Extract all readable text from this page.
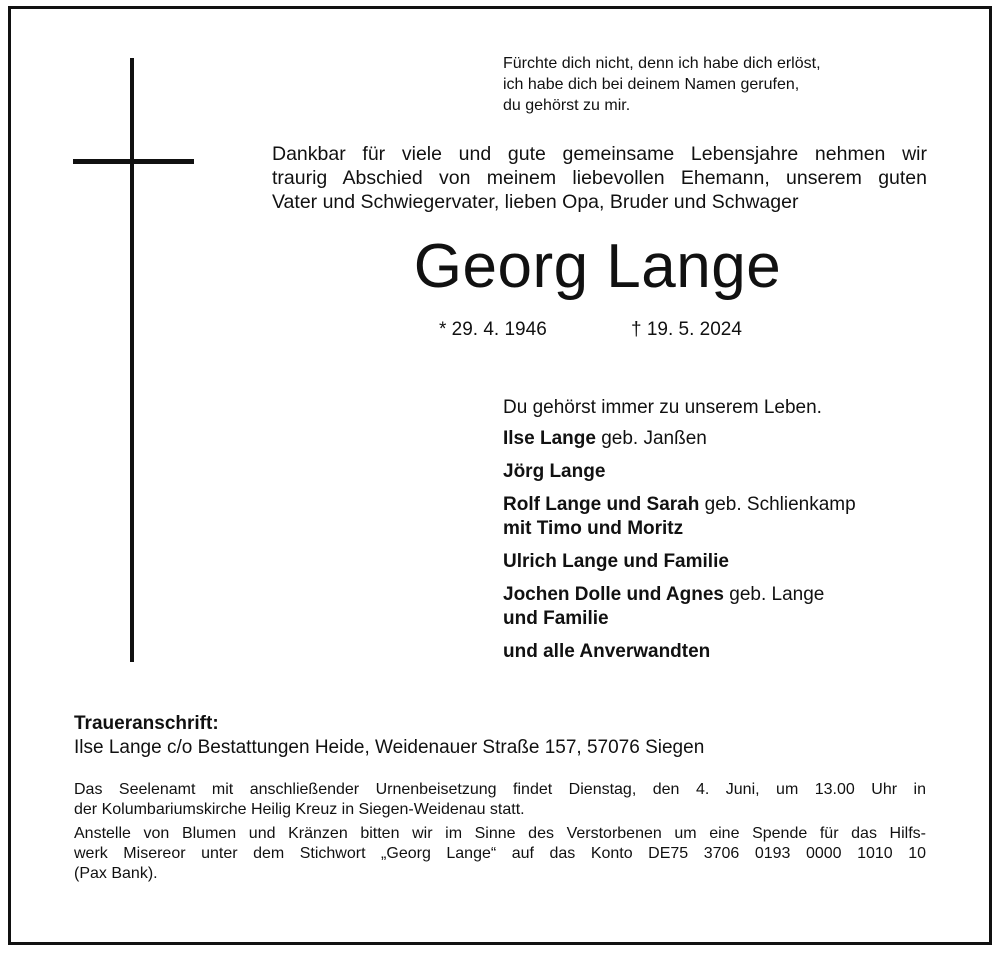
Fürchte dich nicht, denn ich habe dich erlöst,
ich habe dich bei deinem Namen gerufen,
du gehörst zu mir.
Dankbar für viele und gute gemeinsame Lebensjahre nehmen wir
traurig Abschied von meinem liebevollen Ehemann, unserem guten
Vater und Schwiegervater, lieben Opa, Bruder und Schwager
Georg Lange
* 29. 4. 1946	† 19. 5. 2024
Du gehörst immer zu unserem Leben.
Ilse Lange geb. Janßen
Jörg Lange
Rolf Lange und Sarah geb. Schlienkamp
mit Timo und Moritz
Ulrich Lange und Familie
Jochen Dolle und Agnes geb. Lange
und Familie
und alle Anverwandten
Traueranschrift:
Ilse Lange c/o Bestattungen Heide, Weidenauer Straße 157, 57076 Siegen
Das Seelenamt mit anschließender Urnenbeisetzung findet Dienstag, den 4. Juni, um 13.00 Uhr in
der Kolumbariumskirche Heilig Kreuz in Siegen-Weidenau statt.
Anstelle von Blumen und Kränzen bitten wir im Sinne des Verstorbenen um eine Spende für das Hilfs-
werk Misereor unter dem Stichwort „Georg Lange“ auf das Konto DE75 3706 0193 0000 1010 10
(Pax Bank).
